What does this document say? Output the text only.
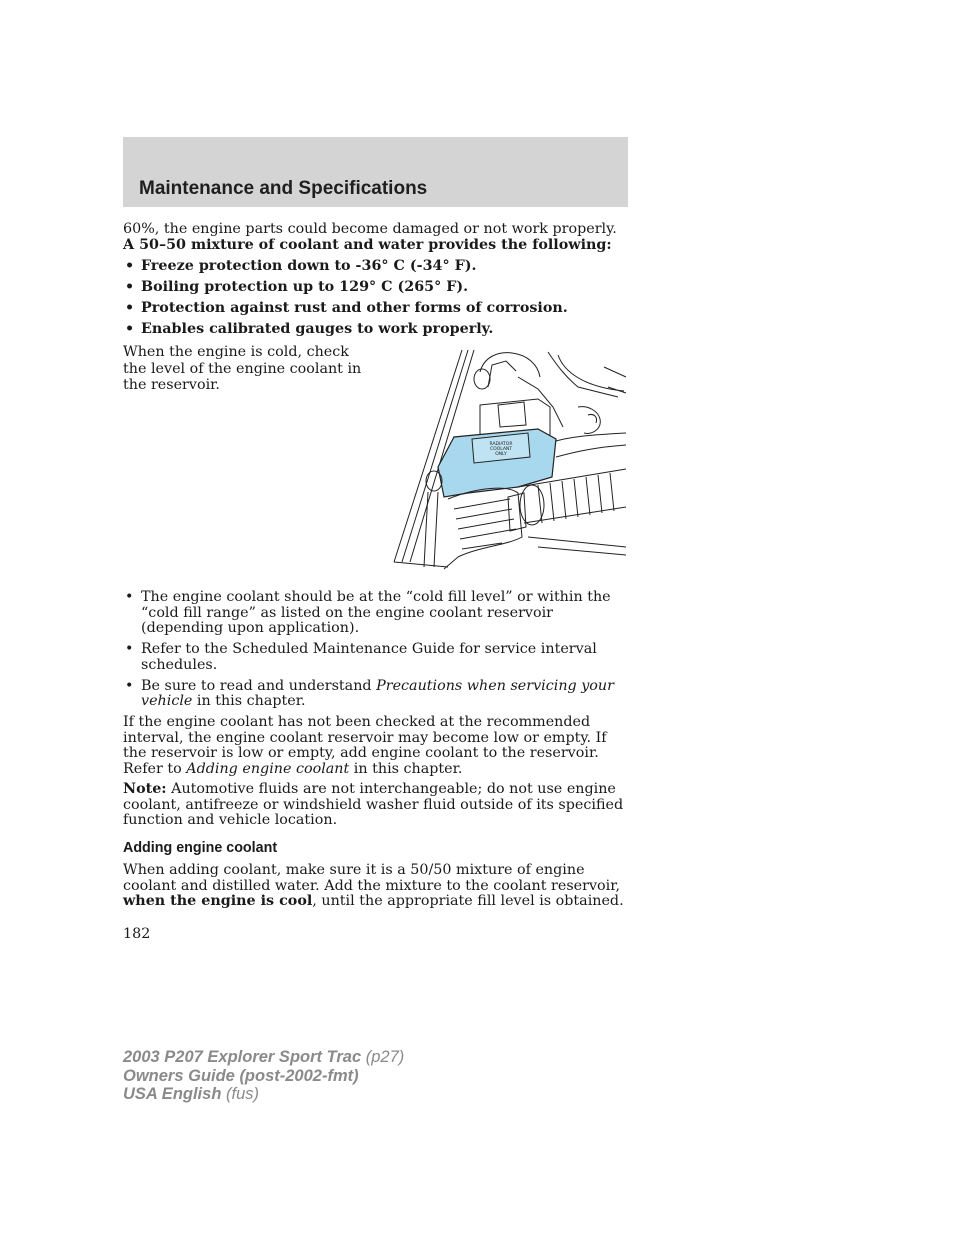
Maintenance and Specifications

60%, the engine parts could become damaged or not work properly. A 50–50 mixture of coolant and water provides the following:

• Freeze protection down to -36° C (-34° F).
• Boiling protection up to 129° C (265° F).
• Protection against rust and other forms of corrosion.
• Enables calibrated gauges to work properly.

When the engine is cold, check the level of the engine coolant in the reservoir.

RADIATOR
COOLANT
ONLY
• The engine coolant should be at the “cold fill level” or within the “cold fill range” as listed on the engine coolant reservoir (depending upon application).
• Refer to the Scheduled Maintenance Guide for service interval schedules.
• Be sure to read and understand Precautions when servicing your vehicle in this chapter.

If the engine coolant has not been checked at the recommended interval, the engine coolant reservoir may become low or empty. If the reservoir is low or empty, add engine coolant to the reservoir. Refer to Adding engine coolant in this chapter.

Note: Automotive fluids are not interchangeable; do not use engine coolant, antifreeze or windshield washer fluid outside of its specified function and vehicle location.

Adding engine coolant

When adding coolant, make sure it is a 50/50 mixture of engine coolant and distilled water. Add the mixture to the coolant reservoir, when the engine is cool, until the appropriate fill level is obtained.

182
2003 P207 Explorer Sport Trac (p27)
Owners Guide (post-2002-fmt)
USA English (fus)
